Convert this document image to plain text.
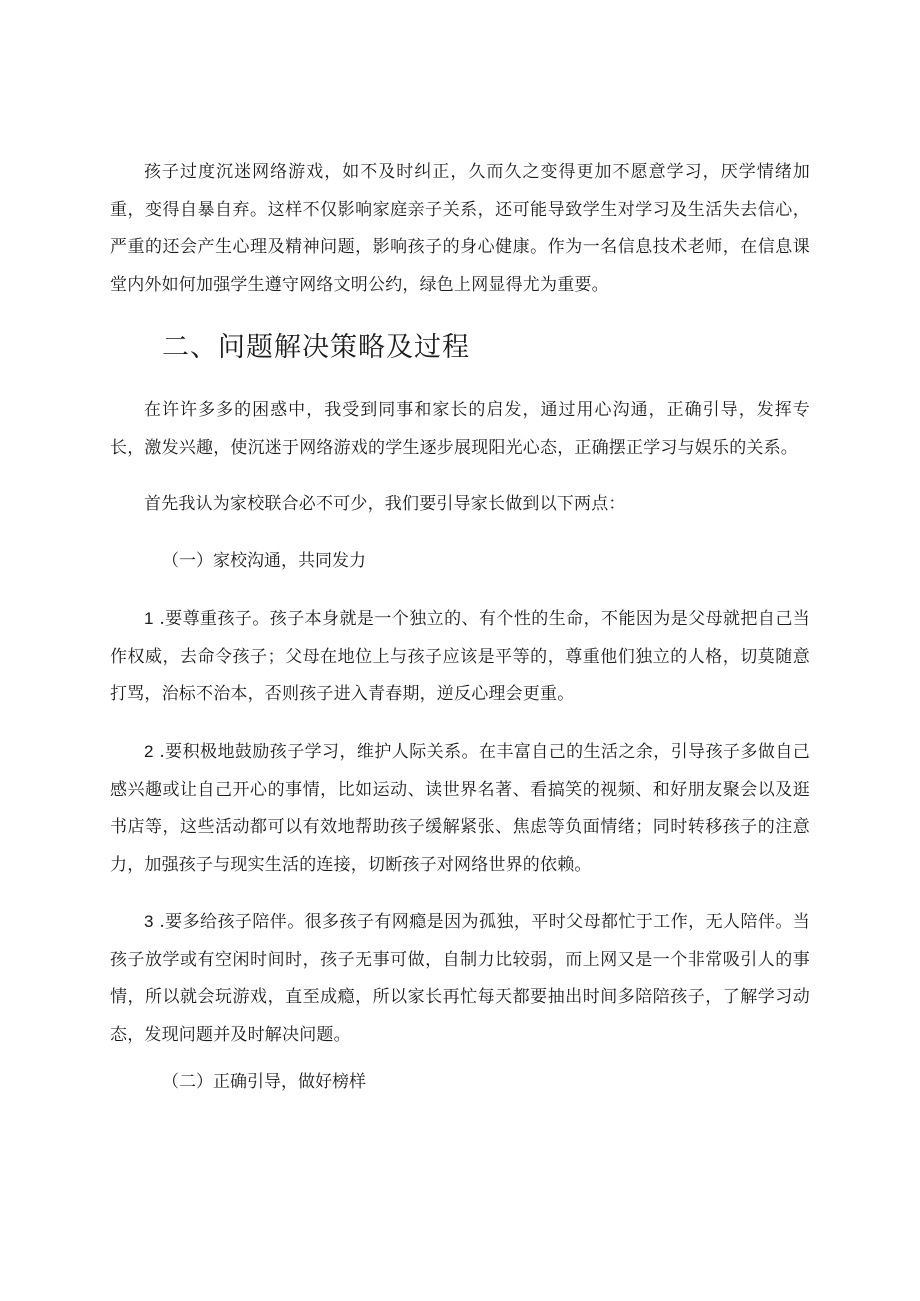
孩子过度沉迷网络游戏，如不及时纠正，久而久之变得更加不愿意学习，厌学情绪加重，变得自暴自弃。这样不仅影响家庭亲子关系，还可能导致学生对学习及生活失去信心，严重的还会产生心理及精神问题，影响孩子的身心健康。作为一名信息技术老师，在信息课堂内外如何加强学生遵守网络文明公约，绿色上网显得尤为重要。

二、问题解决策略及过程

在许许多多的困惑中，我受到同事和家长的启发，通过用心沟通，正确引导，发挥专长，激发兴趣，使沉迷于网络游戏的学生逐步展现阳光心态，正确摆正学习与娱乐的关系。

首先我认为家校联合必不可少，我们要引导家长做到以下两点：

（一）家校沟通，共同发力

1 .要尊重孩子。孩子本身就是一个独立的、有个性的生命，不能因为是父母就把自己当作权威，去命令孩子；父母在地位上与孩子应该是平等的，尊重他们独立的人格，切莫随意打骂，治标不治本，否则孩子进入青春期，逆反心理会更重。

2 .要积极地鼓励孩子学习，维护人际关系。在丰富自己的生活之余，引导孩子多做自己感兴趣或让自己开心的事情，比如运动、读世界名著、看搞笑的视频、和好朋友聚会以及逛书店等，这些活动都可以有效地帮助孩子缓解紧张、焦虑等负面情绪；同时转移孩子的注意力，加强孩子与现实生活的连接，切断孩子对网络世界的依赖。

3 .要多给孩子陪伴。很多孩子有网瘾是因为孤独，平时父母都忙于工作，无人陪伴。当孩子放学或有空闲时间时，孩子无事可做，自制力比较弱，而上网又是一个非常吸引人的事情，所以就会玩游戏，直至成瘾，所以家长再忙每天都要抽出时间多陪陪孩子，了解学习动态，发现问题并及时解决问题。

（二）正确引导，做好榜样
